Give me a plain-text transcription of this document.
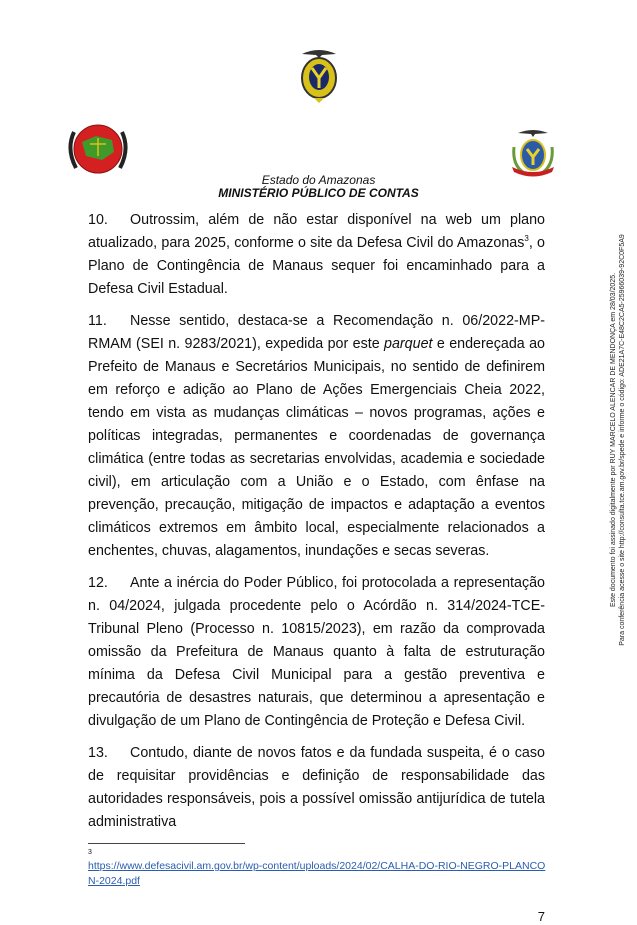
Estado do Amazonas
MINISTÉRIO PÚBLICO DE CONTAS

10. Outrossim, além de não estar disponível na web um plano atualizado, para 2025, conforme o site da Defesa Civil do Amazonas$^3$, o Plano de Contingência de Manaus sequer foi encaminhado para a Defesa Civil Estadual.

11. Nesse sentido, destaca-se a Recomendação n. 06/2022-MP-RMAM (SEI n. 9283/2021), expedida por este parquet e endereçada ao Prefeito de Manaus e Secretários Municipais, no sentido de definirem em reforço e adição ao Plano de Ações Emergenciais Cheia 2022, tendo em vista as mudanças climáticas – novos programas, ações e políticas integradas, permanentes e coordenadas de governança climática (entre todas as secretarias envolvidas, academia e sociedade civil), em articulação com a União e o Estado, com ênfase na prevenção, precaução, mitigação de impactos e adaptação a eventos climáticos extremos em âmbito local, especialmente relacionados a enchentes, chuvas, alagamentos, inundações e secas severas.

12. Ante a inércia do Poder Público, foi protocolada a representação n. 04/2024, julgada procedente pelo o Acórdão n. 314/2024-TCE-Tribunal Pleno (Processo n. 10815/2023), em razão da comprovada omissão da Prefeitura de Manaus quanto à falta de estruturação mínima da Defesa Civil Municipal para a gestão preventiva e precautória de desastres naturais, que determinou a apresentação e divulgação de um Plano de Contingência de Proteção e Defesa Civil.

13. Contudo, diante de novos fatos e da fundada suspeita, é o caso de requisitar providências e definição de responsabilidade das autoridades responsáveis, pois a possível omissão antijurídica de tutela administrativa

3
https://www.defesacivil.am.gov.br/wp-content/uploads/2024/02/CALHA-DO-RIO-NEGRO-PLANCON-2024.pdf
7
Este documento foi assinado digitalmente por RUY MARCELO ALENCAR DE MENDONÇA em 28/03/2025. Para conferência acesse o site http://consulta.tce.am.gov.br/spede e informe o código: ADE21A7C-E48C2CA5-25966039-92C0F5A9
